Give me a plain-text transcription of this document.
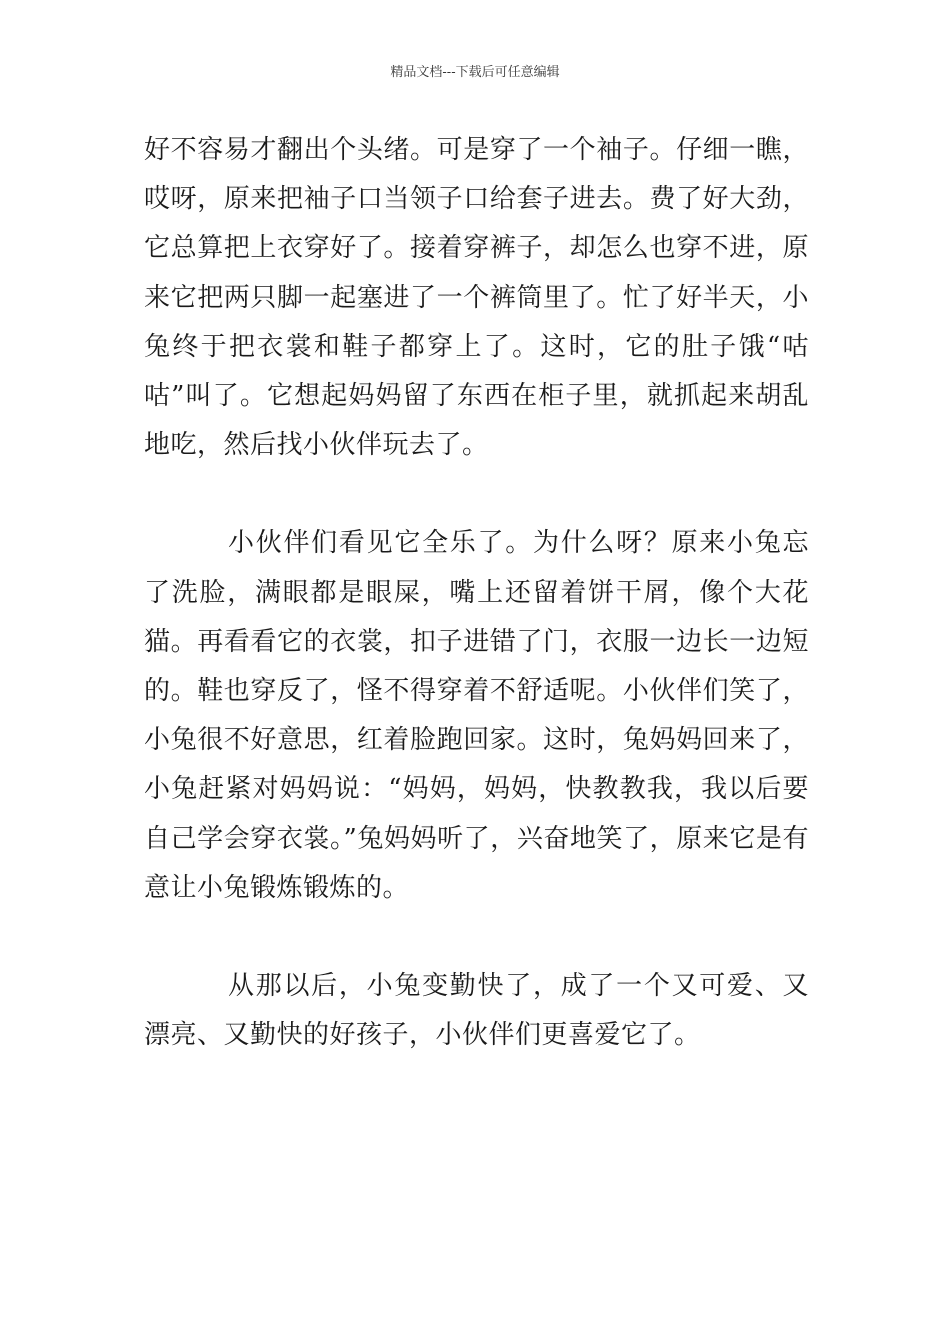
精品文档---下载后可任意编辑

好不容易才翻出个头绪。可是穿了一个袖子。仔细一瞧，哎呀，原来把袖子口当领子口给套子进去。费了好大劲，它总算把上衣穿好了。接着穿裤子，却怎么也穿不进，原来它把两只脚一起塞进了一个裤筒里了。忙了好半天，小兔终于把衣裳和鞋子都穿上了。这时，它的肚子饿“咕咕”叫了。它想起妈妈留了东西在柜子里，就抓起来胡乱地吃，然后找小伙伴玩去了。

小伙伴们看见它全乐了。为什么呀？原来小兔忘了洗脸，满眼都是眼屎，嘴上还留着饼干屑，像个大花猫。再看看它的衣裳，扣子进错了门，衣服一边长一边短的。鞋也穿反了，怪不得穿着不舒适呢。小伙伴们笑了，小兔很不好意思，红着脸跑回家。这时，兔妈妈回来了，小兔赶紧对妈妈说：“妈妈，妈妈，快教教我，我以后要自己学会穿衣裳。”兔妈妈听了，兴奋地笑了，原来它是有意让小兔锻炼锻炼的。

从那以后，小兔变勤快了，成了一个又可爱、又漂亮、又勤快的好孩子，小伙伴们更喜爱它了。
